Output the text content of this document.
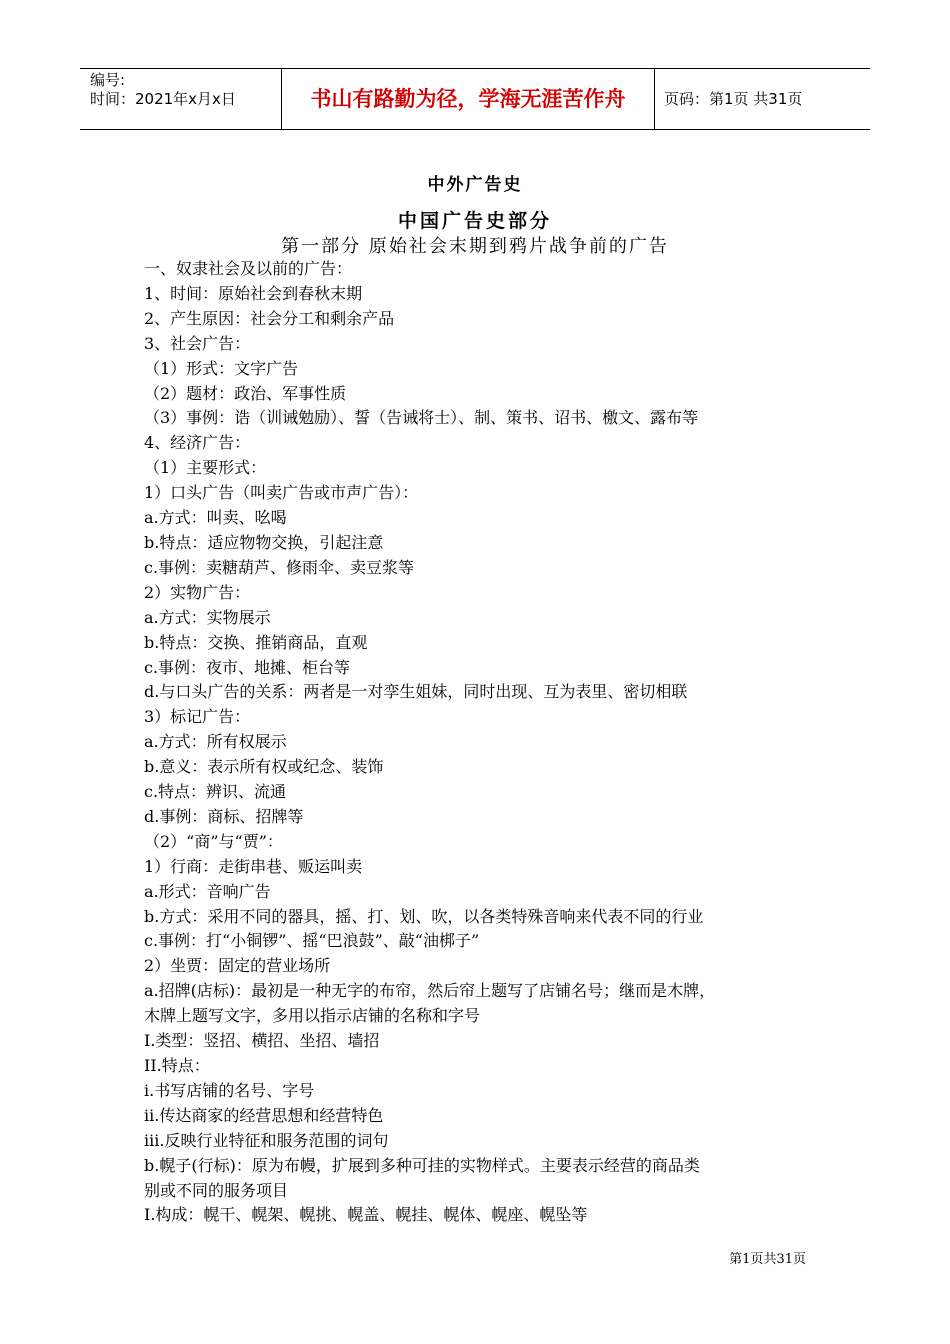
编号:
时间：2021年x月x日	书山有路勤为径，学海无涯苦作舟	页码：第1页 共31页
中外广告史
中国广告史部分
第一部分 原始社会末期到鸦片战争前的广告
一、奴隶社会及以前的广告：
1、时间：原始社会到春秋末期
2、产生原因：社会分工和剩余产品
3、社会广告：
（1）形式：文字广告
（2）题材：政治、军事性质
（3）事例：诰（训诫勉励）、誓（告诫将士）、制、策书、诏书、檄文、露布等
4、经济广告：
（1）主要形式：
1）口头广告（叫卖广告或市声广告）：
a.方式：叫卖、吆喝
b.特点：适应物物交换，引起注意
c.事例：卖糖葫芦、修雨伞、卖豆浆等
2）实物广告：
a.方式：实物展示
b.特点：交换、推销商品，直观
c.事例：夜市、地摊、柜台等
d.与口头广告的关系：两者是一对孪生姐妹，同时出现、互为表里、密切相联
3）标记广告：
a.方式：所有权展示
b.意义：表示所有权或纪念、装饰
c.特点：辨识、流通
d.事例：商标、招牌等
（2）“商”与“贾”：
1）行商：走街串巷、贩运叫卖
a.形式：音响广告
b.方式：采用不同的器具，摇、打、划、吹，以各类特殊音响来代表不同的行业
c.事例：打“小铜锣”、摇“巴浪鼓”、敲“油梆子”
2）坐贾：固定的营业场所
a.招牌(店标)：最初是一种无字的布帘，然后帘上题写了店铺名号；继而是木牌，
木牌上题写文字，多用以指示店铺的名称和字号
I.类型：竖招、横招、坐招、墙招
II.特点：
i.书写店铺的名号、字号
ii.传达商家的经营思想和经营特色
iii.反映行业特征和服务范围的词句
b.幌子(行标)：原为布幔，扩展到多种可挂的实物样式。主要表示经营的商品类
别或不同的服务项目
I.构成：幌干、幌架、幌挑、幌盖、幌挂、幌体、幌座、幌坠等
第1页共31页
